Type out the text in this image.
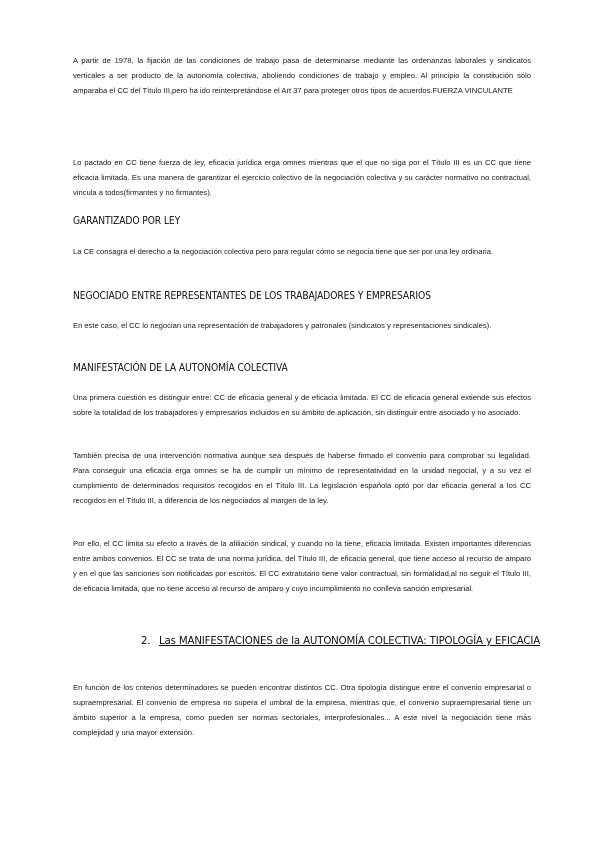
A partir de 1978, la fijación de las condiciones de trabajo pasa de determinarse mediante las ordenanzas laborales y sindicatos verticales a ser producto de la autonomía colectiva, aboliendo condiciones de trabajo y empleo. Al principio la constitución sólo amparaba el CC del Título III,pero ha ido reinterpretándose el Art 37 para proteger otros tipos de acuerdos.FUERZA VINCULANTE

Lo pactado en CC tiene fuerza de ley, eficacia jurídica erga omnes mientras que el que no siga por el Título III es un CC que tiene eficacia limitada. Es una manera de garantizar el ejercicio colectivo de la negociación colectiva y su carácter normativo no contractual, vincula a todos(firmantes y no firmantes).

GARANTIZADO POR LEY

La CE consagra el derecho a la negociación colectiva pero para regular cómo se negocia tiene que ser por una ley ordinaria.

NEGOCIADO ENTRE REPRESENTANTES DE LOS TRABAJADORES Y EMPRESARIOS

En este caso, el CC lo negocian una representación de trabajadores y patronales (sindicatos y representaciones sindicales).

MANIFESTACIÓN DE LA AUTONOMÍA COLECTIVA

Una primera cuestión es distinguir entre: CC de eficacia general y de eficacia limitada. El CC de eficacia general extiende sus efectos sobre la totalidad de los trabajadores y empresarios incluidos en su ámbito de aplicación, sin distinguir entre asociado y no asociado.

También precisa de una intervención normativa aunque sea después de haberse firmado el convenio para comprobar su legalidad. Para conseguir una eficacia erga omnes se ha de cumplir un mínimo de representatividad en la unidad negocial, y a su vez el cumplimiento de determinados requisitos recogidos en el Título III. La legislación española optó por dar eficacia general a los CC recogidos en el Título III, a diferencia de los negociados al margen de la ley.

Por ello, el CC limita su efecto a través de la afiliación sindical, y cuando no la tiene, eficacia limitada. Existen importantes diferencias entre ambos convenios. El CC se trata de una norma jurídica, del Título III, de eficacia general, que tiene acceso al recurso de amparo y en el que las sanciones son notificadas por escritos. El CC extratutario tiene valor contractual, sin formalidad,al no seguir el Título III, de eficacia limitada, que no tiene acceso al recurso de amparo y cuyo incumplimiento no conlleva sanción empresarial.

2. Las MANIFESTACIONES de la AUTONOMÍA COLECTIVA: TIPOLOGÍA y EFICACIA

En función de los criterios determinadores se pueden encontrar distintos CC. Otra tipología distingue entre el convenio empresarial o supraempresarial. El convenio de empresa no supera el umbral de la empresa, mientras que, el convenio supraempresarial tiene un ámbito superior a la empresa, como pueden ser normas sectoriales, interprofesionales... A este nivel la negociación tiene más complejidad y una mayor extensión.
